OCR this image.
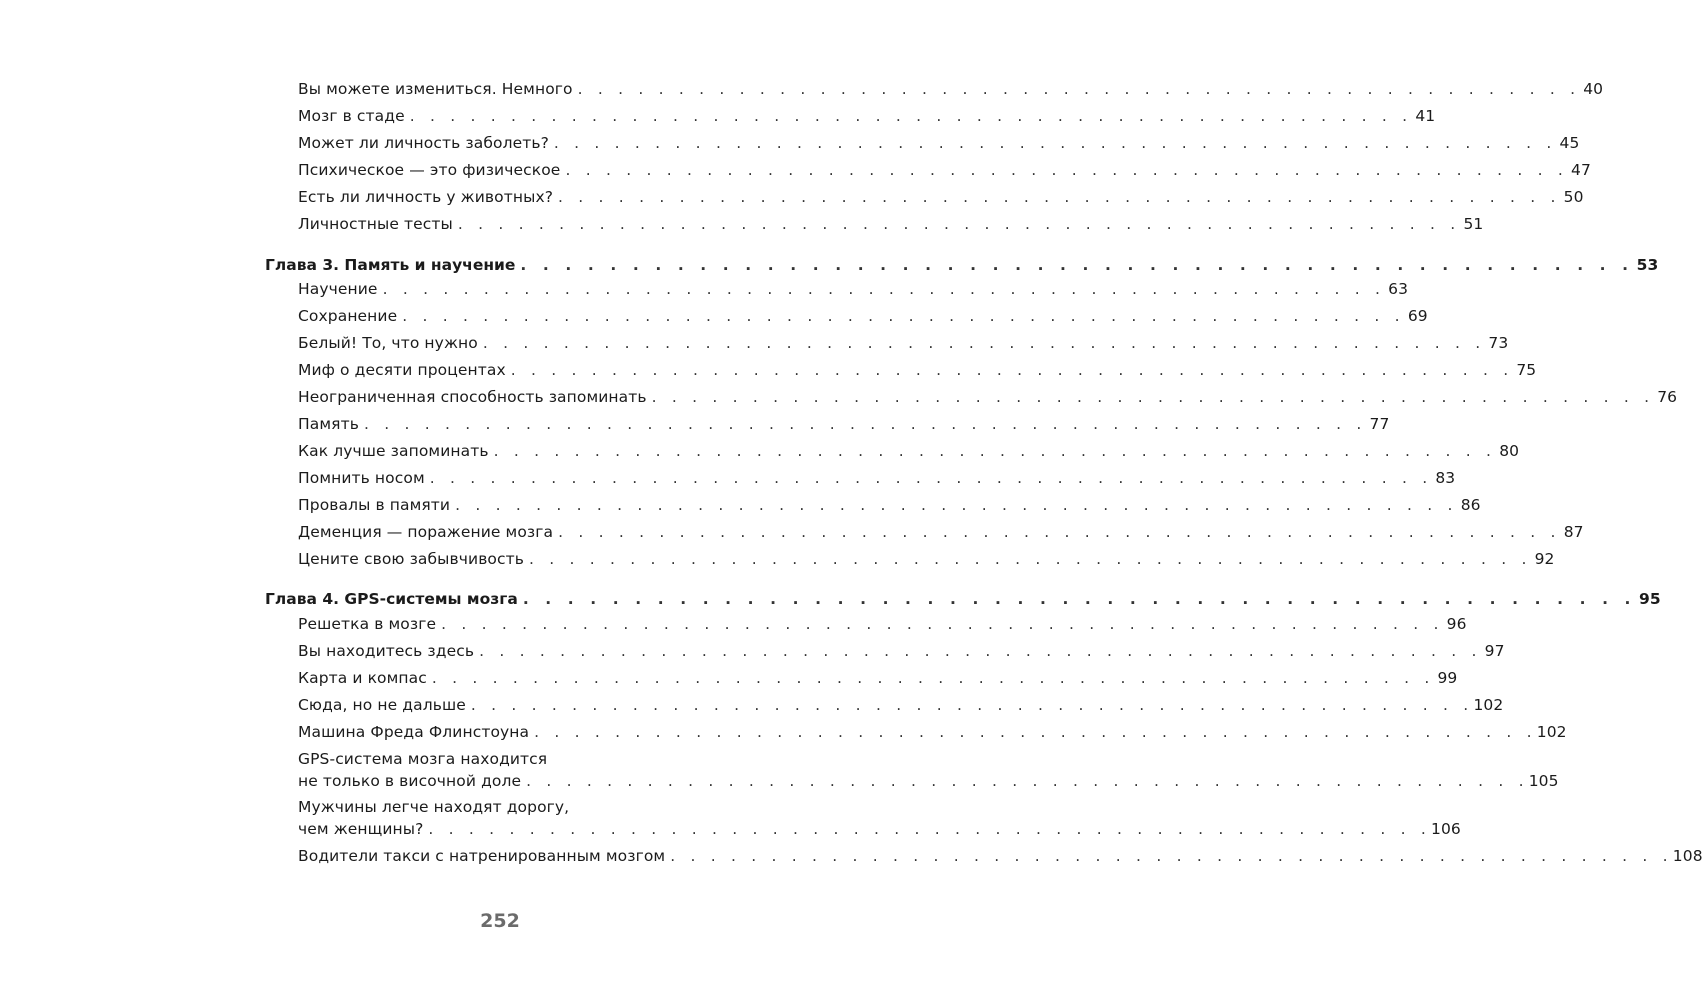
Вы можете измениться. Немного . . . . . . . . . . . . . . . . . . . . . . . . . . . . . . . . . . . . . . . . . . . . . . . . . . 40
Мозг в стаде . . . . . . . . . . . . . . . . . . . . . . . . . . . . . . . . . . . . . . . . . . . . . . . . . . 41
Может ли личность заболеть? . . . . . . . . . . . . . . . . . . . . . . . . . . . . . . . . . . . . . . . . . . . . . . . . . . 45
Психическое — это физическое . . . . . . . . . . . . . . . . . . . . . . . . . . . . . . . . . . . . . . . . . . . . . . . . . . 47
Есть ли личность у животных? . . . . . . . . . . . . . . . . . . . . . . . . . . . . . . . . . . . . . . . . . . . . . . . . . . 50
Личностные тесты . . . . . . . . . . . . . . . . . . . . . . . . . . . . . . . . . . . . . . . . . . . . . . . . . . 51
Глава 3. Память и научение . . . . . . . . . . . . . . . . . . . . . . . . . . . . . . . . . . . . . . . . . . . . . . . . . . 53
Научение . . . . . . . . . . . . . . . . . . . . . . . . . . . . . . . . . . . . . . . . . . . . . . . . . . 63
Сохранение . . . . . . . . . . . . . . . . . . . . . . . . . . . . . . . . . . . . . . . . . . . . . . . . . . 69
Белый! То, что нужно . . . . . . . . . . . . . . . . . . . . . . . . . . . . . . . . . . . . . . . . . . . . . . . . . . 73
Миф о десяти процентах . . . . . . . . . . . . . . . . . . . . . . . . . . . . . . . . . . . . . . . . . . . . . . . . . . 75
Неограниченная способность запоминать . . . . . . . . . . . . . . . . . . . . . . . . . . . . . . . . . . . . . . . . . . . . . . . . . . 76
Память . . . . . . . . . . . . . . . . . . . . . . . . . . . . . . . . . . . . . . . . . . . . . . . . . . 77
Как лучше запоминать . . . . . . . . . . . . . . . . . . . . . . . . . . . . . . . . . . . . . . . . . . . . . . . . . . 80
Помнить носом . . . . . . . . . . . . . . . . . . . . . . . . . . . . . . . . . . . . . . . . . . . . . . . . . . 83
Провалы в памяти . . . . . . . . . . . . . . . . . . . . . . . . . . . . . . . . . . . . . . . . . . . . . . . . . . 86
Деменция — поражение мозга . . . . . . . . . . . . . . . . . . . . . . . . . . . . . . . . . . . . . . . . . . . . . . . . . . 87
Цените свою забывчивость . . . . . . . . . . . . . . . . . . . . . . . . . . . . . . . . . . . . . . . . . . . . . . . . . . 92
Глава 4. GPS-системы мозга . . . . . . . . . . . . . . . . . . . . . . . . . . . . . . . . . . . . . . . . . . . . . . . . . . 95
Решетка в мозге . . . . . . . . . . . . . . . . . . . . . . . . . . . . . . . . . . . . . . . . . . . . . . . . . . 96
Вы находитесь здесь . . . . . . . . . . . . . . . . . . . . . . . . . . . . . . . . . . . . . . . . . . . . . . . . . . 97
Карта и компас . . . . . . . . . . . . . . . . . . . . . . . . . . . . . . . . . . . . . . . . . . . . . . . . . . 99
Сюда, но не дальше . . . . . . . . . . . . . . . . . . . . . . . . . . . . . . . . . . . . . . . . . . . . . . . . . . 102
Машина Фреда Флинстоуна . . . . . . . . . . . . . . . . . . . . . . . . . . . . . . . . . . . . . . . . . . . . . . . . . . 102
GPS-система мозга находится
не только в височной доле . . . . . . . . . . . . . . . . . . . . . . . . . . . . . . . . . . . . . . . . . . . . . . . . . . 105
Мужчины легче находят дорогу,
чем женщины? . . . . . . . . . . . . . . . . . . . . . . . . . . . . . . . . . . . . . . . . . . . . . . . . . . 106
Водители такси с натренированным мозгом . . . . . . . . . . . . . . . . . . . . . . . . . . . . . . . . . . . . . . . . . . . . . . . . . . 108
252
